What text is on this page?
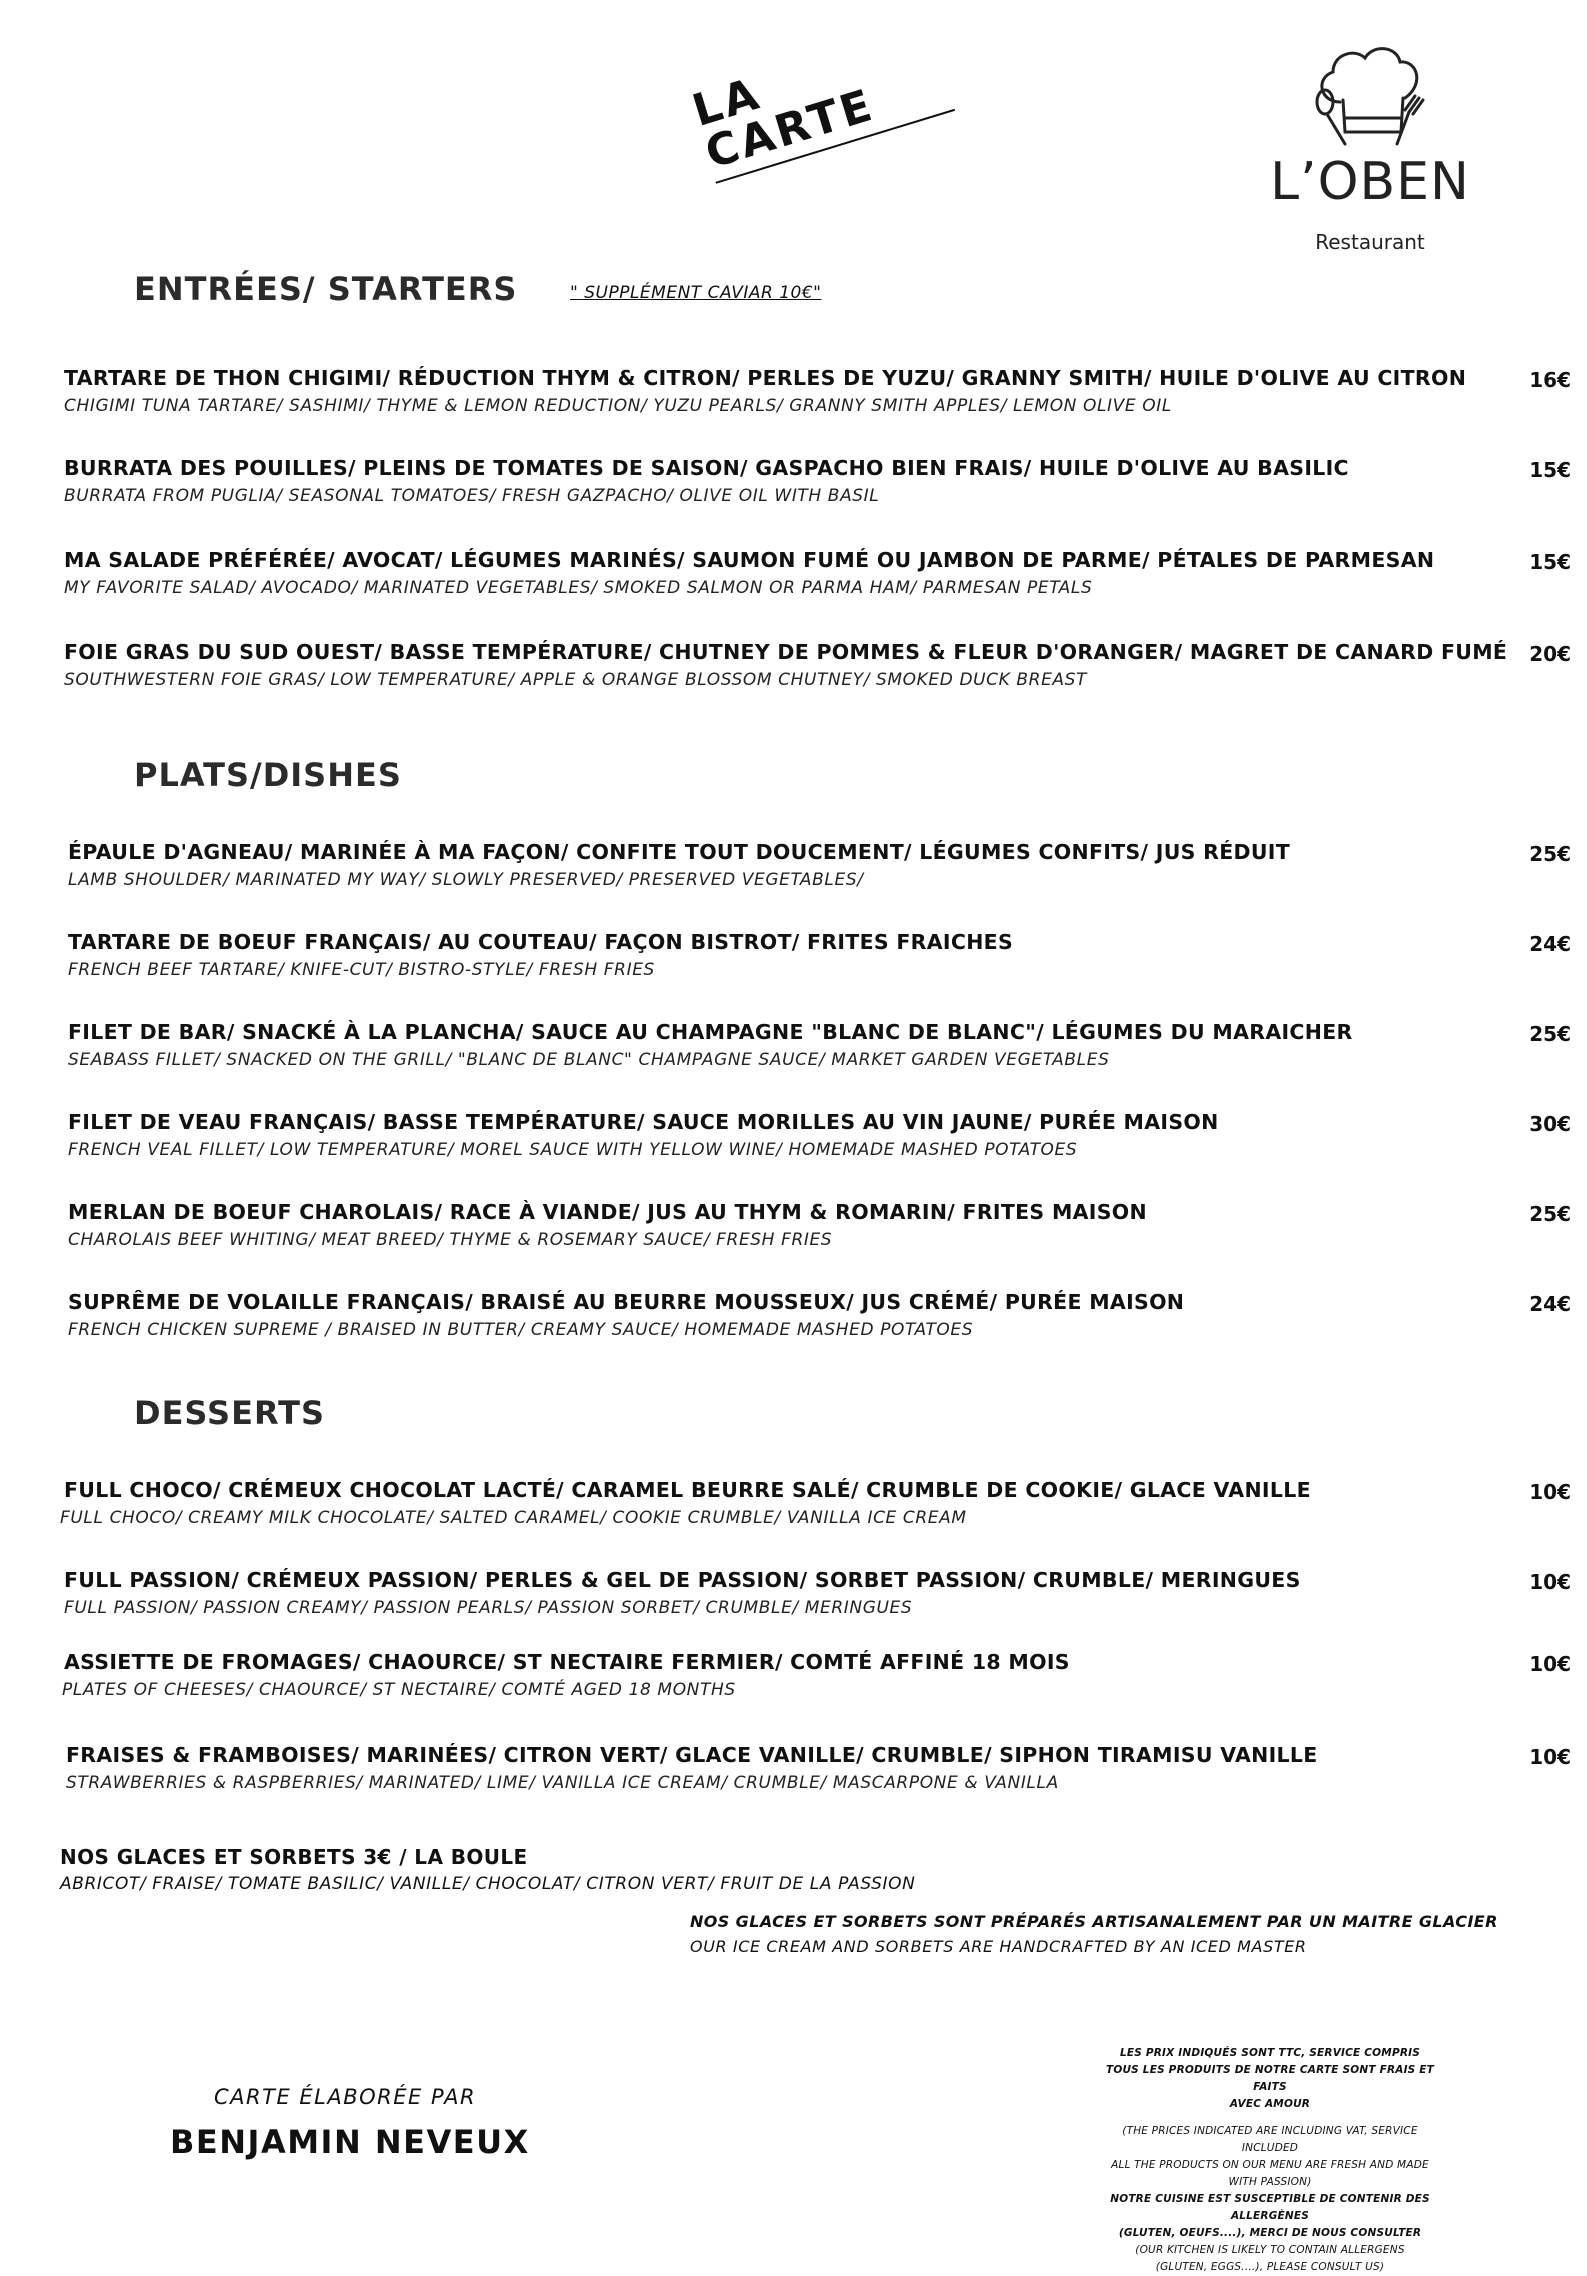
LA CARTE

L’OBEN
Restaurant
ENTRÉES/ STARTERS	" SUPPLÉMENT CAVIAR 10€"
TARTARE DE THON CHIGIMI/ RÉDUCTION THYM & CITRON/ PERLES DE YUZU/ GRANNY SMITH/ HUILE D'OLIVE AU CITRON
CHIGIMI TUNA TARTARE/ SASHIMI/ THYME & LEMON REDUCTION/ YUZU PEARLS/ GRANNY SMITH APPLES/ LEMON OLIVE OIL
16€
BURRATA DES POUILLES/ PLEINS DE TOMATES DE SAISON/ GASPACHO BIEN FRAIS/ HUILE D'OLIVE AU BASILIC
BURRATA FROM PUGLIA/ SEASONAL TOMATOES/ FRESH GAZPACHO/ OLIVE OIL WITH BASIL
15€
MA SALADE PRÉFÉRÉE/ AVOCAT/ LÉGUMES MARINÉS/ SAUMON FUMÉ OU JAMBON DE PARME/ PÉTALES DE PARMESAN
MY FAVORITE SALAD/ AVOCADO/ MARINATED VEGETABLES/ SMOKED SALMON OR PARMA HAM/ PARMESAN PETALS
15€
FOIE GRAS DU SUD OUEST/ BASSE TEMPÉRATURE/ CHUTNEY DE POMMES & FLEUR D'ORANGER/ MAGRET DE CANARD FUMÉ
SOUTHWESTERN FOIE GRAS/ LOW TEMPERATURE/ APPLE & ORANGE BLOSSOM CHUTNEY/ SMOKED DUCK BREAST
20€
PLATS/DISHES
ÉPAULE D'AGNEAU/ MARINÉE À MA FAÇON/ CONFITE TOUT DOUCEMENT/ LÉGUMES CONFITS/ JUS RÉDUIT
LAMB SHOULDER/ MARINATED MY WAY/ SLOWLY PRESERVED/ PRESERVED VEGETABLES/
25€
TARTARE DE BOEUF FRANÇAIS/ AU COUTEAU/ FAÇON BISTROT/ FRITES FRAICHES
FRENCH BEEF TARTARE/ KNIFE-CUT/ BISTRO-STYLE/ FRESH FRIES
24€
FILET DE BAR/ SNACKÉ À LA PLANCHA/ SAUCE AU CHAMPAGNE "BLANC DE BLANC"/ LÉGUMES DU MARAICHER
SEABASS FILLET/ SNACKED ON THE GRILL/ "BLANC DE BLANC" CHAMPAGNE SAUCE/ MARKET GARDEN VEGETABLES
25€
FILET DE VEAU FRANÇAIS/ BASSE TEMPÉRATURE/ SAUCE MORILLES AU VIN JAUNE/ PURÉE MAISON
FRENCH VEAL FILLET/ LOW TEMPERATURE/ MOREL SAUCE WITH YELLOW WINE/ HOMEMADE MASHED POTATOES
30€
MERLAN DE BOEUF CHAROLAIS/ RACE À VIANDE/ JUS AU THYM & ROMARIN/ FRITES MAISON
CHAROLAIS BEEF WHITING/ MEAT BREED/ THYME & ROSEMARY SAUCE/ FRESH FRIES
25€
SUPRÊME DE VOLAILLE FRANÇAIS/ BRAISÉ AU BEURRE MOUSSEUX/ JUS CRÉMÉ/ PURÉE MAISON
FRENCH CHICKEN SUPREME / BRAISED IN BUTTER/ CREAMY SAUCE/ HOMEMADE MASHED POTATOES
24€
DESSERTS
FULL CHOCO/ CRÉMEUX CHOCOLAT LACTÉ/ CARAMEL BEURRE SALÉ/ CRUMBLE DE COOKIE/ GLACE VANILLE
FULL CHOCO/ CREAMY MILK CHOCOLATE/ SALTED CARAMEL/ COOKIE CRUMBLE/ VANILLA ICE CREAM
10€
FULL PASSION/ CRÉMEUX PASSION/ PERLES & GEL DE PASSION/ SORBET PASSION/ CRUMBLE/ MERINGUES
FULL PASSION/ PASSION CREAMY/ PASSION PEARLS/ PASSION SORBET/ CRUMBLE/ MERINGUES
10€
ASSIETTE DE FROMAGES/ CHAOURCE/ ST NECTAIRE FERMIER/ COMTÉ AFFINÉ 18 MOIS
PLATES OF CHEESES/ CHAOURCE/ ST NECTAIRE/ COMTÉ AGED 18 MONTHS
10€
FRAISES & FRAMBOISES/ MARINÉES/ CITRON VERT/ GLACE VANILLE/ CRUMBLE/ SIPHON TIRAMISU VANILLE
STRAWBERRIES & RASPBERRIES/ MARINATED/ LIME/ VANILLA ICE CREAM/ CRUMBLE/ MASCARPONE & VANILLA
10€
NOS GLACES ET SORBETS 3€ / LA BOULE
ABRICOT/ FRAISE/ TOMATE BASILIC/ VANILLE/ CHOCOLAT/ CITRON VERT/ FRUIT DE LA PASSION
NOS GLACES ET SORBETS SONT PRÉPARÉS ARTISANALEMENT PAR UN MAITRE GLACIER
OUR ICE CREAM AND SORBETS ARE HANDCRAFTED BY AN ICED MASTER
CARTE ÉLABORÉE PAR
BENJAMIN NEVEUX
LES PRIX INDIQUÉS SONT TTC, SERVICE COMPRIS
TOUS LES PRODUITS DE NOTRE CARTE SONT FRAIS ET FAITS
AVEC AMOUR
(THE PRICES INDICATED ARE INCLUDING VAT, SERVICE INCLUDED
ALL THE PRODUCTS ON OUR MENU ARE FRESH AND MADE WITH PASSION)
NOTRE CUISINE EST SUSCEPTIBLE DE CONTENIR DES ALLERGÈNES
(GLUTEN, OEUFS....), MERCI DE NOUS CONSULTER
(OUR KITCHEN IS LIKELY TO CONTAIN ALLERGENS
(GLUTEN, EGGS....), PLEASE CONSULT US)
